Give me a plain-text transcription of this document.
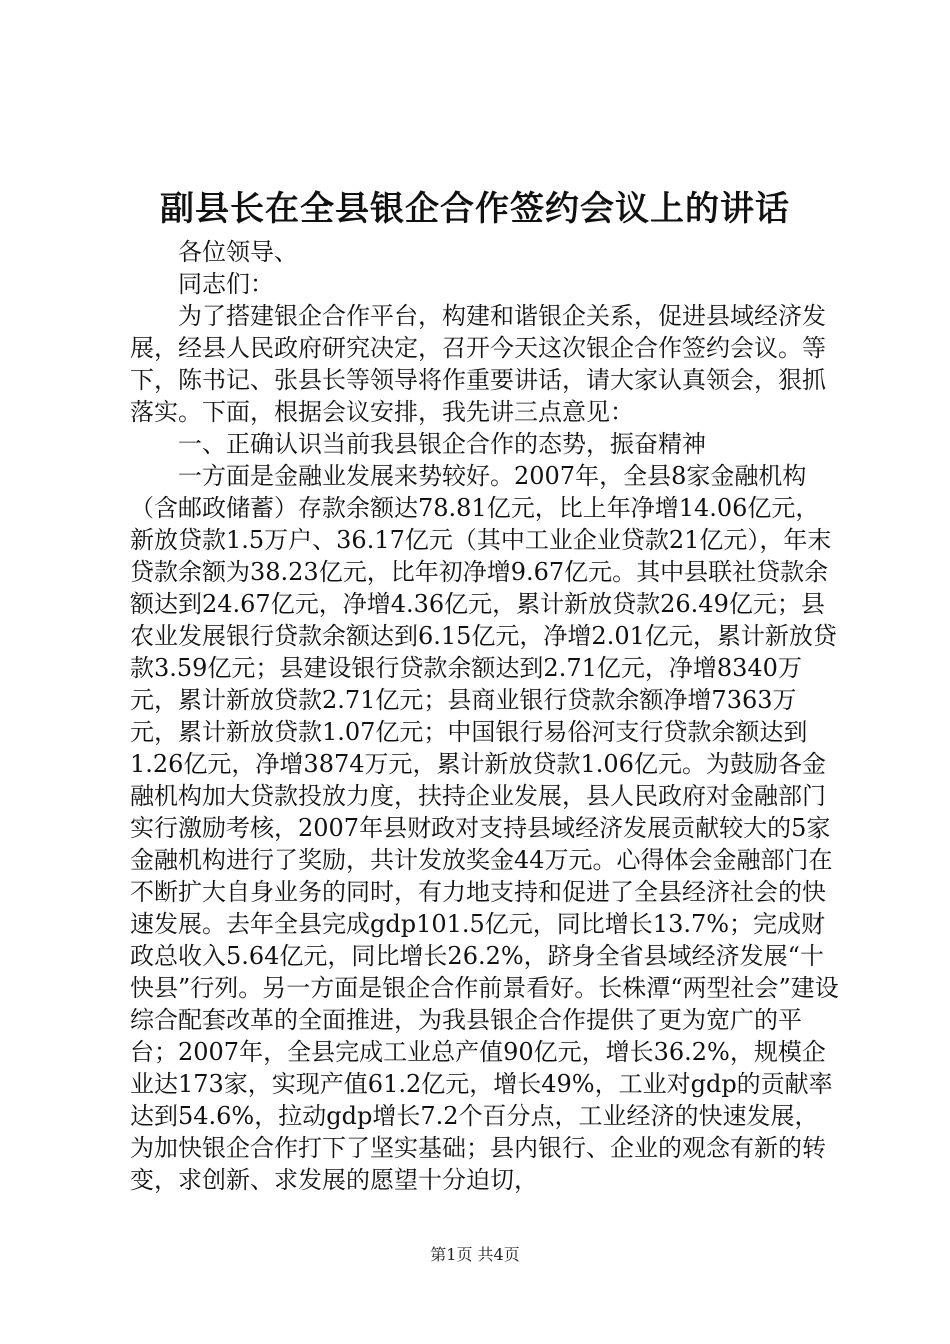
副县长在全县银企合作签约会议上的讲话

各位领导、

同志们：

为了搭建银企合作平台，构建和谐银企关系，促进县域经济发展，经县人民政府研究决定，召开今天这次银企合作签约会议。等下，陈书记、张县长等领导将作重要讲话，请大家认真领会，狠抓落实。下面，根据会议安排，我先讲三点意见：

一、正确认识当前我县银企合作的态势，振奋精神

一方面是金融业发展来势较好。2007年，全县8家金融机构（含邮政储蓄）存款余额达78.81亿元，比上年净增14.06亿元，新放贷款1.5万户、36.17亿元（其中工业企业贷款21亿元），年末贷款余额为38.23亿元，比年初净增9.67亿元。其中县联社贷款余额达到24.67亿元，净增4.36亿元，累计新放贷款26.49亿元；县农业发展银行贷款余额达到6.15亿元，净增2.01亿元，累计新放贷款3.59亿元；县建设银行贷款余额达到2.71亿元，净增8340万元，累计新放贷款2.71亿元；县商业银行贷款余额净增7363万元，累计新放贷款1.07亿元；中国银行易俗河支行贷款余额达到1.26亿元，净增3874万元，累计新放贷款1.06亿元。为鼓励各金融机构加大贷款投放力度，扶持企业发展，县人民政府对金融部门实行激励考核，2007年县财政对支持县域经济发展贡献较大的5家金融机构进行了奖励，共计发放奖金44万元。心得体会金融部门在不断扩大自身业务的同时，有力地支持和促进了全县经济社会的快速发展。去年全县完成gdp101.5亿元，同比增长13.7%；完成财政总收入5.64亿元，同比增长26.2%，跻身全省县域经济发展“十快县”行列。另一方面是银企合作前景看好。长株潭“两型社会”建设综合配套改革的全面推进，为我县银企合作提供了更为宽广的平台；2007年，全县完成工业总产值90亿元，增长36.2%，规模企业达173家，实现产值61.2亿元，增长49%，工业对gdp的贡献率达到54.6%，拉动gdp增长7.2个百分点，工业经济的快速发展，为加快银企合作打下了坚实基础；县内银行、企业的观念有新的转变，求创新、求发展的愿望十分迫切，

第1页 共4页
